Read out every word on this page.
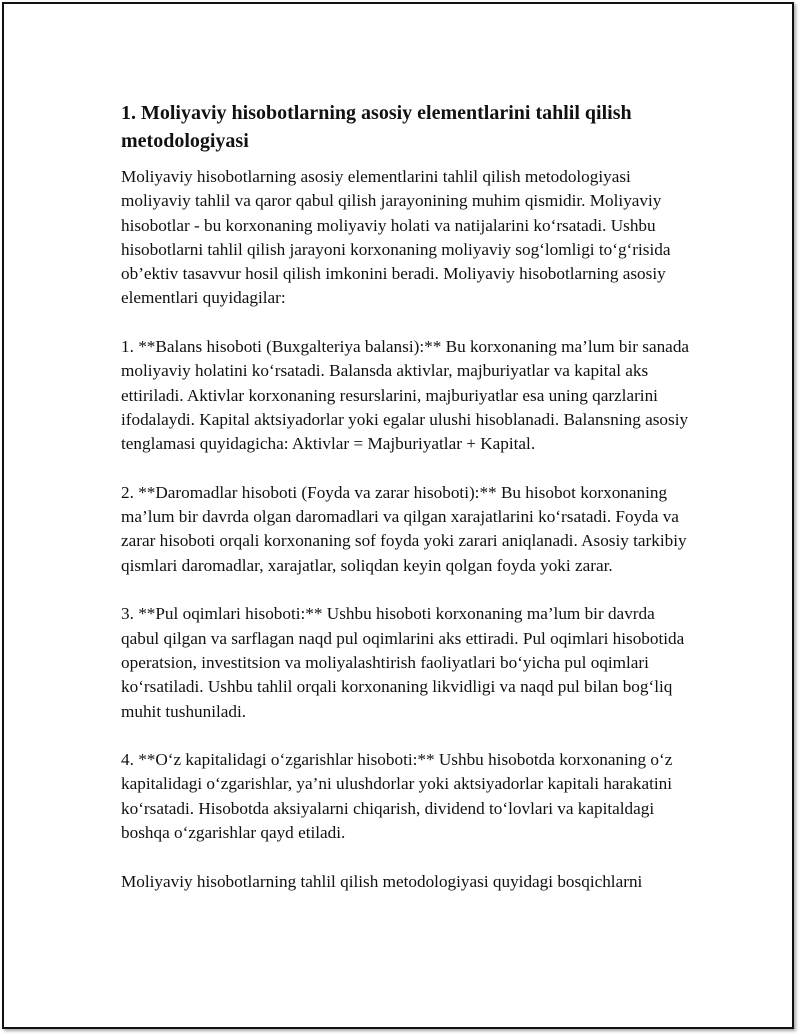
1. Moliyaviy hisobotlarning asosiy elementlarini tahlil qilish metodologiyasi

Moliyaviy hisobotlarning asosiy elementlarini tahlil qilish metodologiyasi moliyaviy tahlil va qaror qabul qilish jarayonining muhim qismidir. Moliyaviy hisobotlar - bu korxonaning moliyaviy holati va natijalarini ko‘rsatadi. Ushbu hisobotlarni tahlil qilish jarayoni korxonaning moliyaviy sog‘lomligi to‘g‘risida ob’ektiv tasavvur hosil qilish imkonini beradi. Moliyaviy hisobotlarning asosiy elementlari quyidagilar:

1. **Balans hisoboti (Buxgalteriya balansi):** Bu korxonaning ma’lum bir sanada moliyaviy holatini ko‘rsatadi. Balansda aktivlar, majburiyatlar va kapital aks ettiriladi. Aktivlar korxonaning resurslarini, majburiyatlar esa uning qarzlarini ifodalaydi. Kapital aktsiyadorlar yoki egalar ulushi hisoblanadi. Balansning asosiy tenglamasi quyidagicha: Aktivlar = Majburiyatlar + Kapital.

2. **Daromadlar hisoboti (Foyda va zarar hisoboti):** Bu hisobot korxonaning ma’lum bir davrda olgan daromadlari va qilgan xarajatlarini ko‘rsatadi. Foyda va zarar hisoboti orqali korxonaning sof foyda yoki zarari aniqlanadi. Asosiy tarkibiy qismlari daromadlar, xarajatlar, soliqdan keyin qolgan foyda yoki zarar.

3. **Pul oqimlari hisoboti:** Ushbu hisoboti korxonaning ma’lum bir davrda qabul qilgan va sarflagan naqd pul oqimlarini aks ettiradi. Pul oqimlari hisobotida operatsion, investitsion va moliyalashtirish faoliyatlari bo‘yicha pul oqimlari ko‘rsatiladi. Ushbu tahlil orqali korxonaning likvidligi va naqd pul bilan bog‘liq muhit tushuniladi.

4. **O‘z kapitalidagi o‘zgarishlar hisoboti:** Ushbu hisobotda korxonaning o‘z kapitalidagi o‘zgarishlar, ya’ni ulushdorlar yoki aktsiyadorlar kapitali harakatini ko‘rsatadi. Hisobotda aksiyalarni chiqarish, dividend to‘lovlari va kapitaldagi boshqa o‘zgarishlar qayd etiladi.

Moliyaviy hisobotlarning tahlil qilish metodologiyasi quyidagi bosqichlarni
